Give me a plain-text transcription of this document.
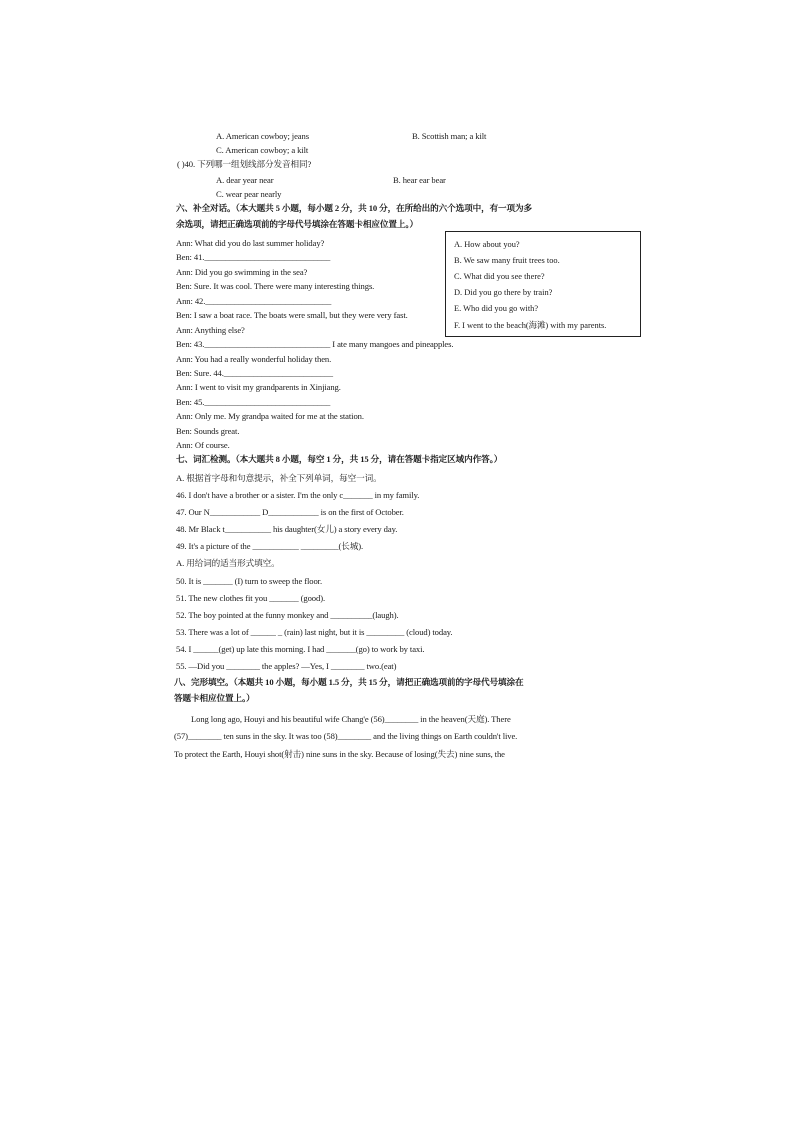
A. American cowboy; jeans	B. Scottish man; a kilt
C. American cowboy; a kilt
( )40. 下列哪一组划线部分发音相同?
A. dear year near	B. hear ear bear
C. wear pear nearly
六、补全对话。（本大题共 5 小题，每小题 2 分，共 10 分，在所给出的六个选项中，有一项为多
余选项，请把正确选项前的字母代号填涂在答题卡相应位置上。）
Ann: What did you do last summer holiday?
Ben: 41.______________________________
Ann: Did you go swimming in the sea?
Ben: Sure. It was cool. There were many interesting things.
Ann: 42.______________________________
Ben: I saw a boat race. The boats were small, but they were very fast.
Ann: Anything else?
Ben: 43.______________________________ I ate many mangoes and pineapples.
Ann: You had a really wonderful holiday then.
Ben: Sure. 44.__________________________
Ann: I went to visit my grandparents in Xinjiang.
Ben: 45.______________________________
Ann: Only me. My grandpa waited for me at the station.
Ben: Sounds great.
Ann: Of course.
A. How about you?
B. We saw many fruit trees too.
C. What did you see there?
D. Did you go there by train?
E. Who did you go with?
F. I went to the beach(海滩) with my parents.
七、词汇检测。（本大题共 8 小题，每空 1 分，共 15 分，请在答题卡指定区域内作答。）
A. 根据首字母和句意提示，补全下列单词，每空一词。
46. I don't have a brother or a sister. I'm the only c_______ in my family.
47. Our N____________ D____________ is on the first of October.
48. Mr Black t___________ his daughter(女儿) a story every day.
49. It's a picture of the ___________ _________(长城).
A. 用给词的适当形式填空。
50. It is _______ (I) turn to sweep the floor.
51. The new clothes fit you _______ (good).
52. The boy pointed at the funny monkey and __________(laugh).
53. There was a lot of ______ _ (rain) last night, but it is _________ (cloud) today.
54. I ______(get) up late this morning. I had _______(go) to work by taxi.
55. —Did you ________ the apples? —Yes, I ________ two.(eat)
八、完形填空。（本题共 10 小题，每小题 1.5 分，共 15 分，请把正确选项前的字母代号填涂在
答题卡相应位置上。）
Long long ago, Houyi and his beautiful wife Chang'e (56)________ in the heaven(天庭). There
(57)________ ten suns in the sky. It was too (58)________ and the living things on Earth couldn't live.
To protect the Earth, Houyi shot(射击) nine suns in the sky. Because of losing(失去) nine suns, the
